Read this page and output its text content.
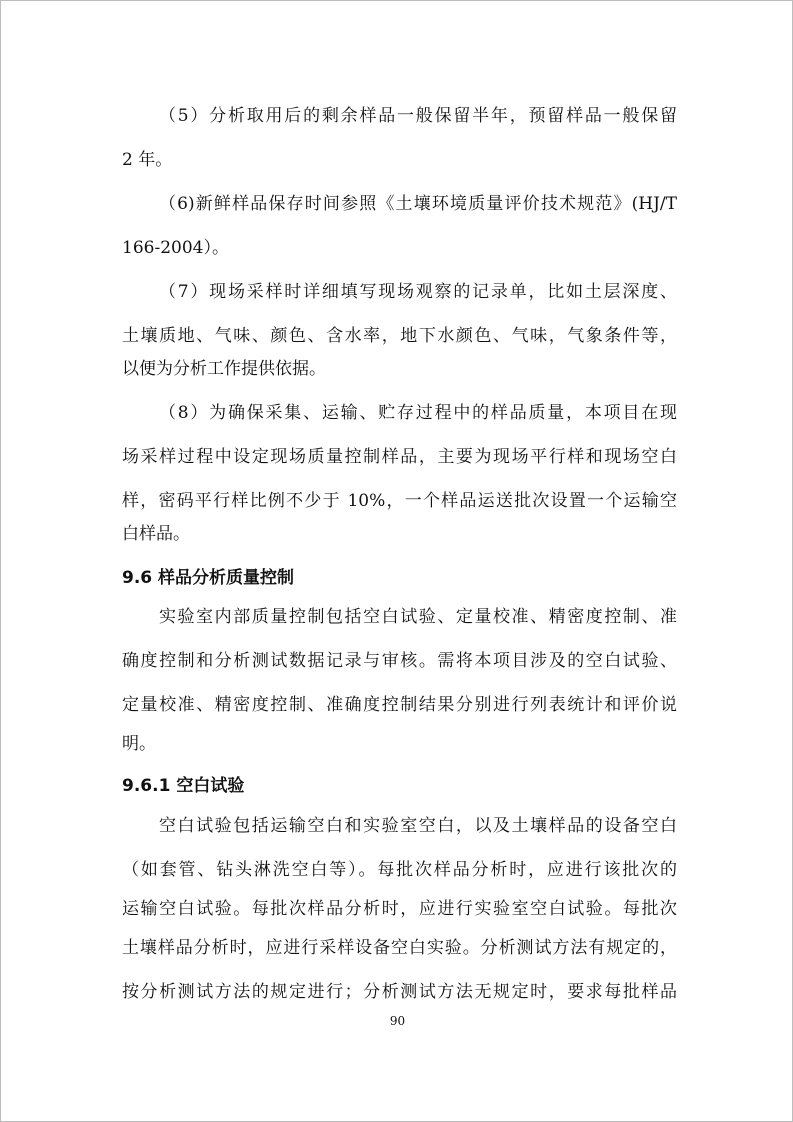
（5）分析取用后的剩余样品一般保留半年，预留样品一般保留
2 年。
（6)新鲜样品保存时间参照《土壤环境质量评价技术规范》(HJ/T
166-2004）。
（7）现场采样时详细填写现场观察的记录单，比如土层深度、
土壤质地、气味、颜色、含水率，地下水颜色、气味，气象条件等，
以便为分析工作提供依据。
（8）为确保采集、运输、贮存过程中的样品质量，本项目在现
场采样过程中设定现场质量控制样品，主要为现场平行样和现场空白
样，密码平行样比例不少于 10%，一个样品运送批次设置一个运输空
白样品。
9.6 样品分析质量控制
实验室内部质量控制包括空白试验、定量校准、精密度控制、准
确度控制和分析测试数据记录与审核。需将本项目涉及的空白试验、
定量校准、精密度控制、准确度控制结果分别进行列表统计和评价说
明。
9.6.1 空白试验
空白试验包括运输空白和实验室空白，以及土壤样品的设备空白
（如套管、钻头淋洗空白等）。每批次样品分析时，应进行该批次的
运输空白试验。每批次样品分析时，应进行实验室空白试验。每批次
土壤样品分析时，应进行采样设备空白实验。分析测试方法有规定的，
按分析测试方法的规定进行；分析测试方法无规定时，要求每批样品
90
